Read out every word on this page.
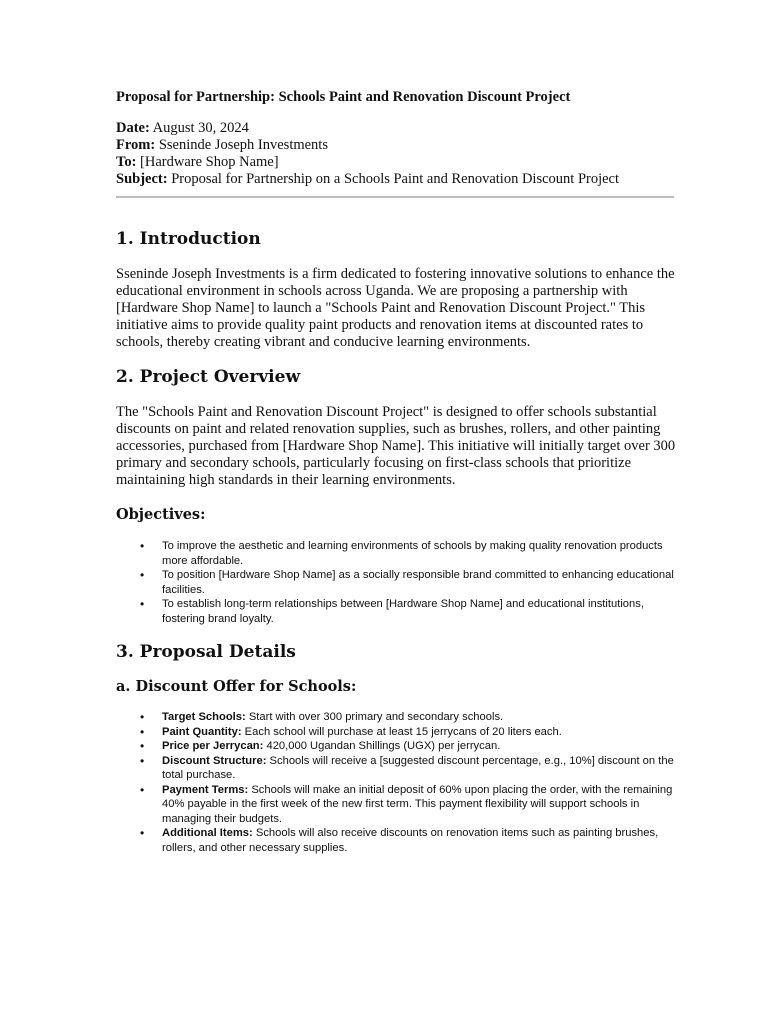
Proposal for Partnership: Schools Paint and Renovation Discount Project

Date: August 30, 2024
From: Sseninde Joseph Investments
To: [Hardware Shop Name]
Subject: Proposal for Partnership on a Schools Paint and Renovation Discount Project
1. Introduction

Sseninde Joseph Investments is a firm dedicated to fostering innovative solutions to enhance the educational environment in schools across Uganda. We are proposing a partnership with [Hardware Shop Name] to launch a "Schools Paint and Renovation Discount Project." This initiative aims to provide quality paint products and renovation items at discounted rates to schools, thereby creating vibrant and conducive learning environments.

2. Project Overview

The "Schools Paint and Renovation Discount Project" is designed to offer schools substantial discounts on paint and related renovation supplies, such as brushes, rollers, and other painting accessories, purchased from [Hardware Shop Name]. This initiative will initially target over 300 primary and secondary schools, particularly focusing on first-class schools that prioritize maintaining high standards in their learning environments.

Objectives:
• To improve the aesthetic and learning environments of schools by making quality renovation products more affordable.
• To position [Hardware Shop Name] as a socially responsible brand committed to enhancing educational facilities.
• To establish long-term relationships between [Hardware Shop Name] and educational institutions, fostering brand loyalty.
3. Proposal Details
a. Discount Offer for Schools:
• Target Schools: Start with over 300 primary and secondary schools.
• Paint Quantity: Each school will purchase at least 15 jerrycans of 20 liters each.
• Price per Jerrycan: 420,000 Ugandan Shillings (UGX) per jerrycan.
• Discount Structure: Schools will receive a [suggested discount percentage, e.g., 10%] discount on the total purchase.
• Payment Terms: Schools will make an initial deposit of 60% upon placing the order, with the remaining 40% payable in the first week of the new first term. This payment flexibility will support schools in managing their budgets.
• Additional Items: Schools will also receive discounts on renovation items such as painting brushes, rollers, and other necessary supplies.
